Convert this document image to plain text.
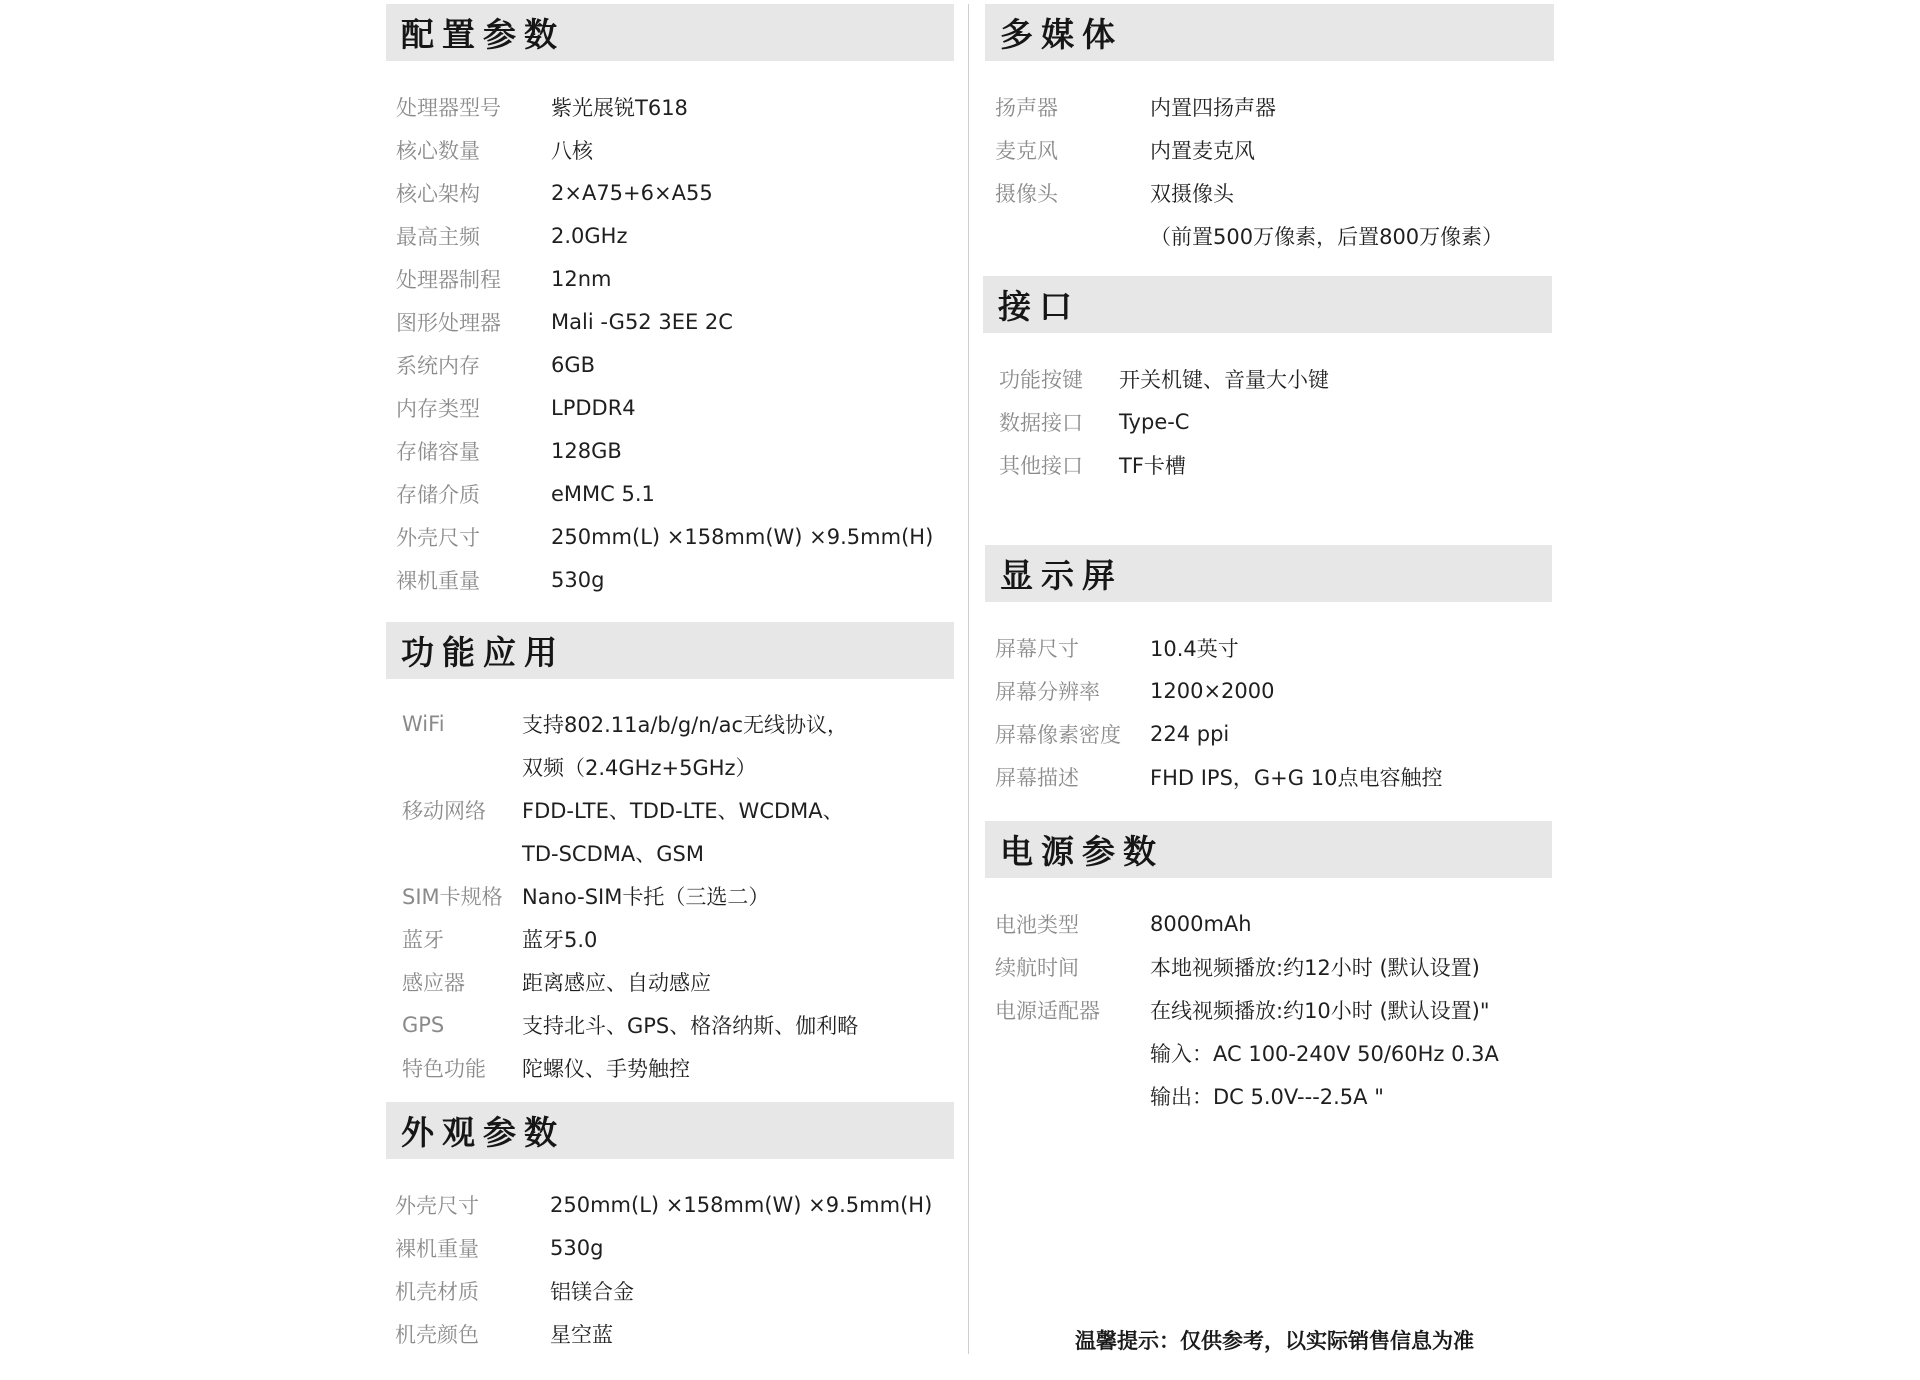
配置参数
处理器型号	紫光展锐T618
核心数量	八核
核心架构	2×A75+6×A55
最高主频	2.0GHz
处理器制程	12nm
图形处理器	Mali -G52 3EE 2C
系统内存	6GB
内存类型	LPDDR4
存储容量	128GB
存储介质	eMMC 5.1
外壳尺寸	250mm(L) ×158mm(W) ×9.5mm(H)
裸机重量	530g
功能应用
WiFi	支持802.11a/b/g/n/ac无线协议，
双频（2.4GHz+5GHz）
移动网络	FDD-LTE、TDD-LTE、WCDMA、
TD-SCDMA、GSM
SIM卡规格 Nano-SIM卡托（三选二）
蓝牙	蓝牙5.0
感应器	距离感应、自动感应
GPS	支持北斗、GPS、格洛纳斯、伽利略
特色功能	陀螺仪、手势触控
外观参数
外壳尺寸	250mm(L) ×158mm(W) ×9.5mm(H)
裸机重量	530g
机壳材质	铝镁合金
机壳颜色	星空蓝
多媒体
扬声器	内置四扬声器
麦克风	内置麦克风
摄像头	双摄像头
（前置500万像素，后置800万像素）
接口
功能按键	开关机键、音量大小键
数据接口	Type-C
其他接口	TF卡槽
显示屏
屏幕尺寸	10.4英寸
屏幕分辨率	1200×2000
屏幕像素密度	224 ppi
屏幕描述	FHD IPS，G+G 10点电容触控
电源参数
电池类型	8000mAh
续航时间	本地视频播放:约12小时 (默认设置)
电源适配器	在线视频播放:约10小时 (默认设置)"
输入：AC 100-240V 50/60Hz 0.3A
输出：DC 5.0V---2.5A "
温馨提示：仅供参考，以实际销售信息为准
